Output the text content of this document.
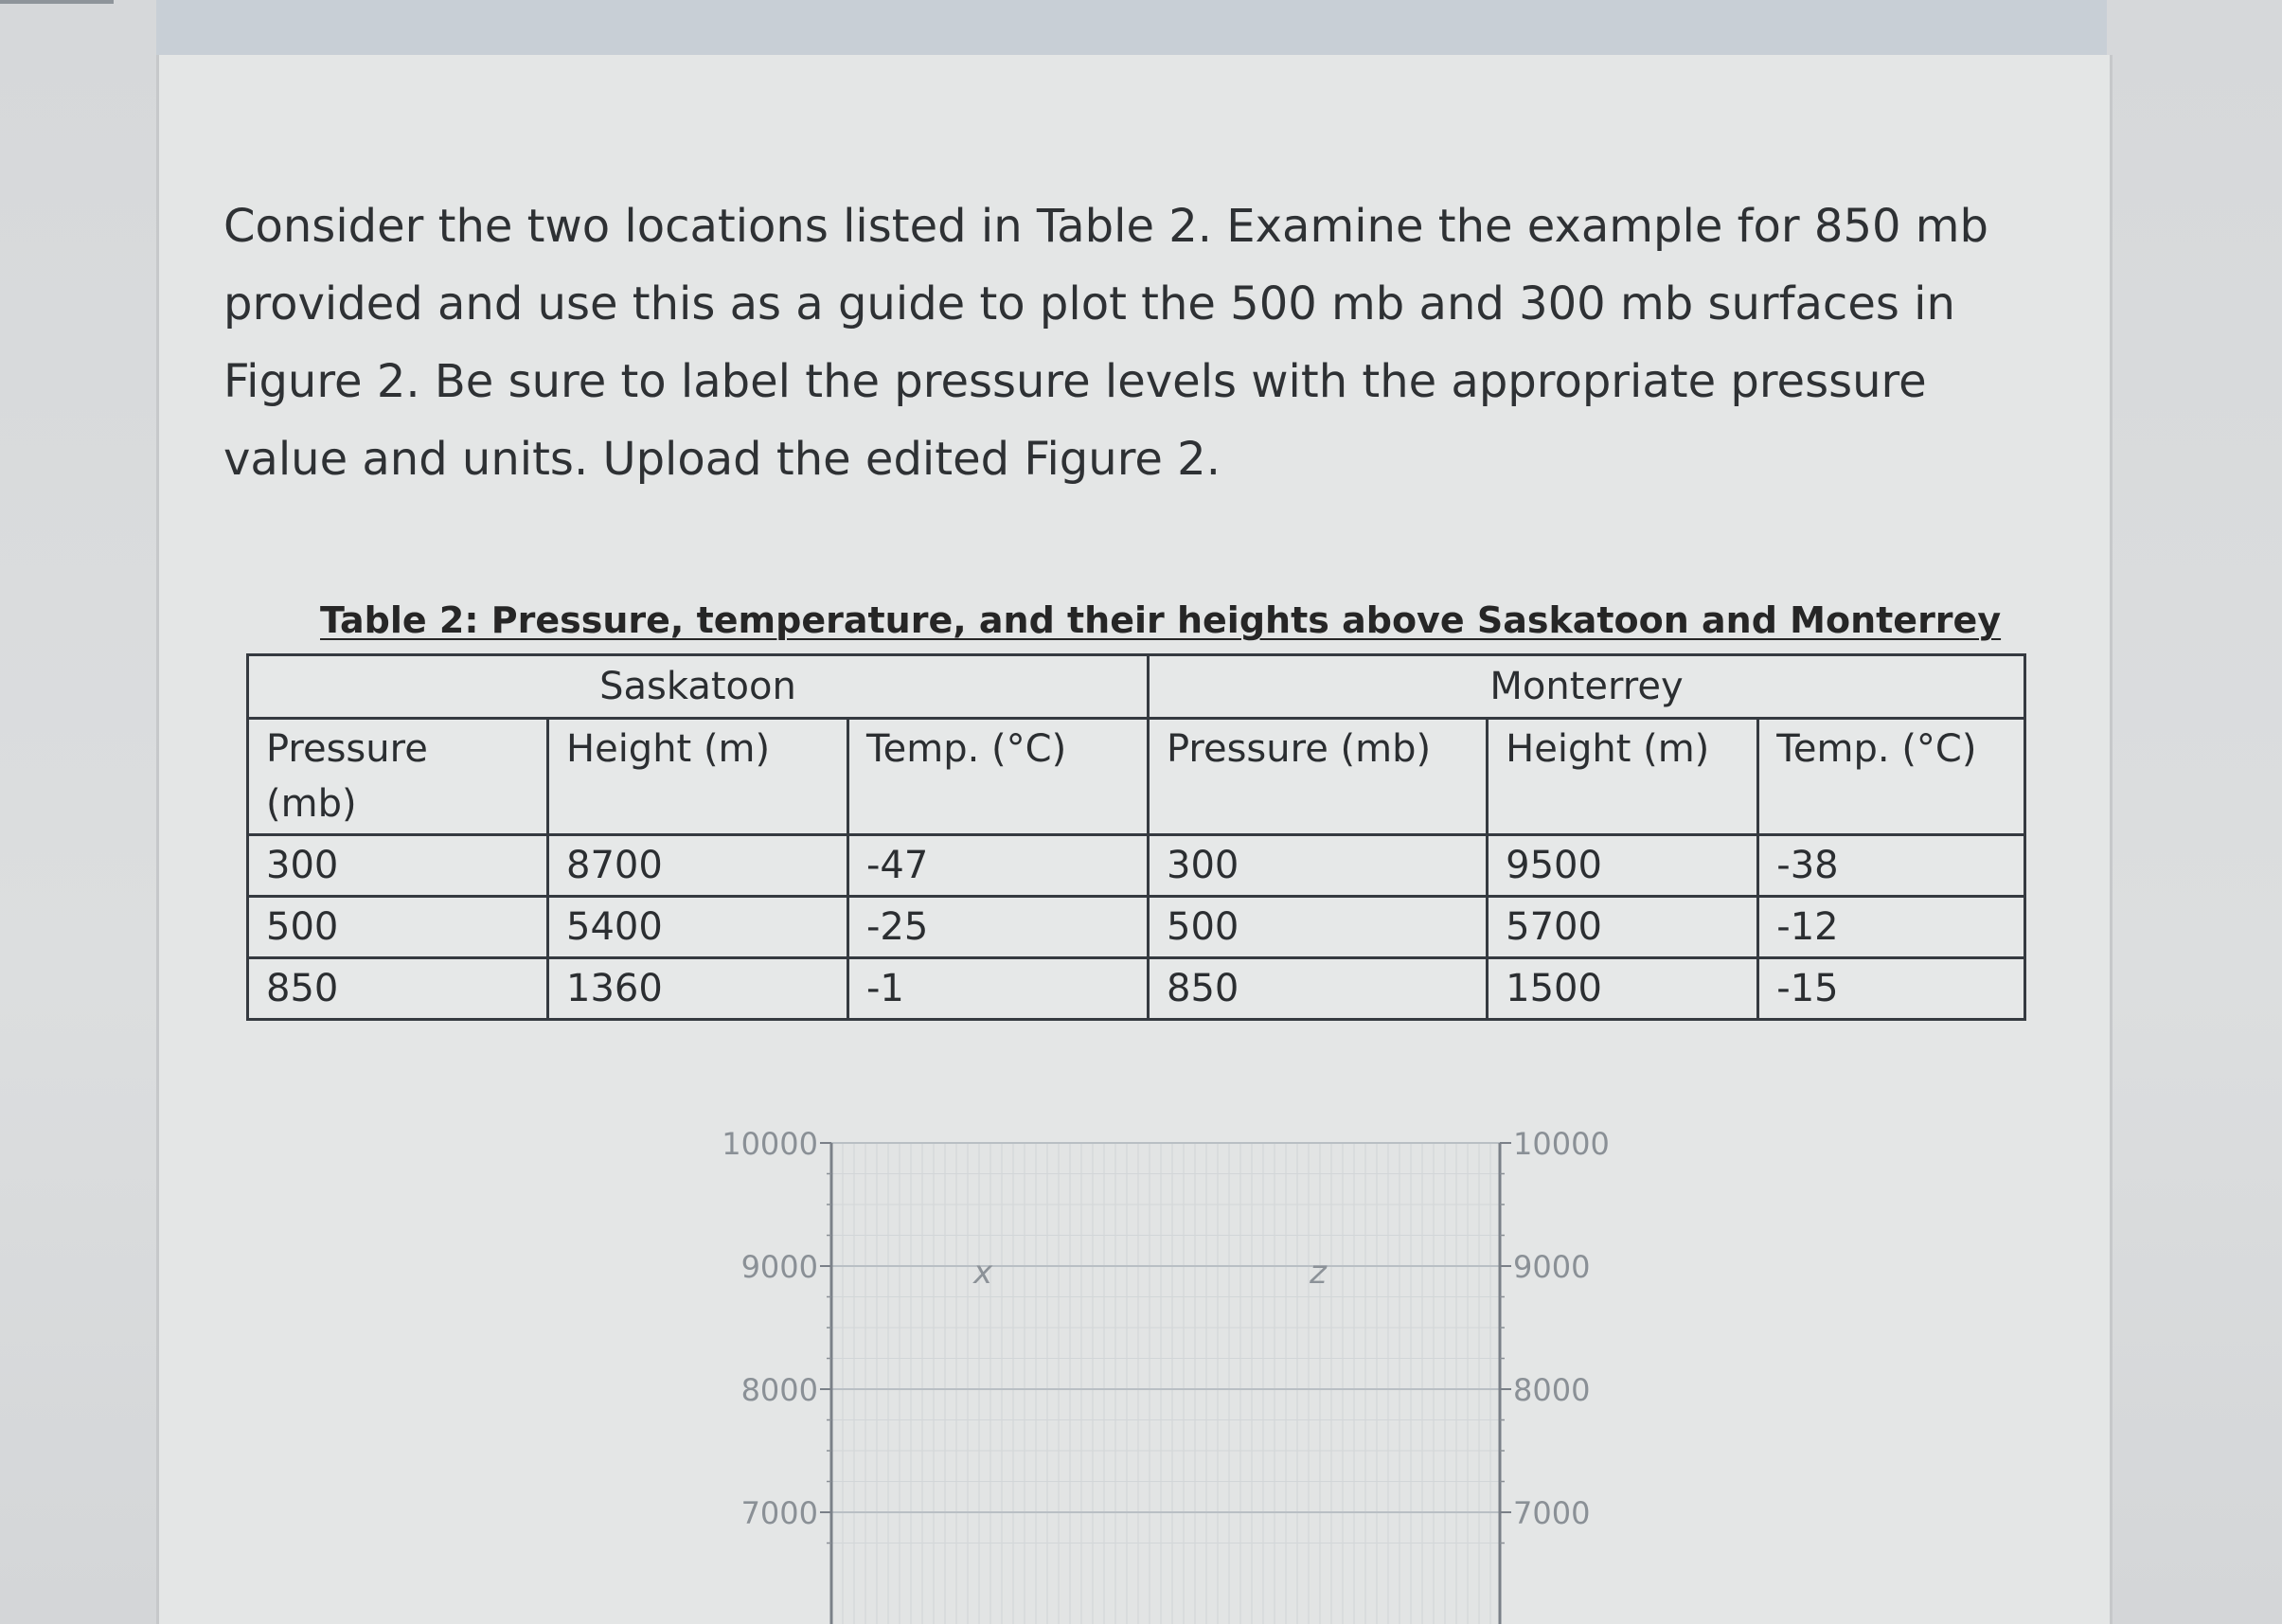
Consider the two locations listed in Table 2. Examine the example for 850 mb provided and use this as a guide to plot the 500 mb and 300 mb surfaces in Figure 2. Be sure to label the pressure levels with the appropriate pressure value and units. Upload the edited Figure 2.

Table 2: Pressure, temperature, and their heights above Saskatoon and Monterrey
Saskatoon			Monterrey		
Pressure (mb)	Height (m)	Temp. (°C)	Pressure (mb)	Height (m)	Temp. (°C)
300	8700	-47	300	9500	-38
500	5400	-25	500	5700	-12
850	1360	-1	850	1500	-15
10000
9000
8000
7000
10000
9000
8000
7000
x	z
